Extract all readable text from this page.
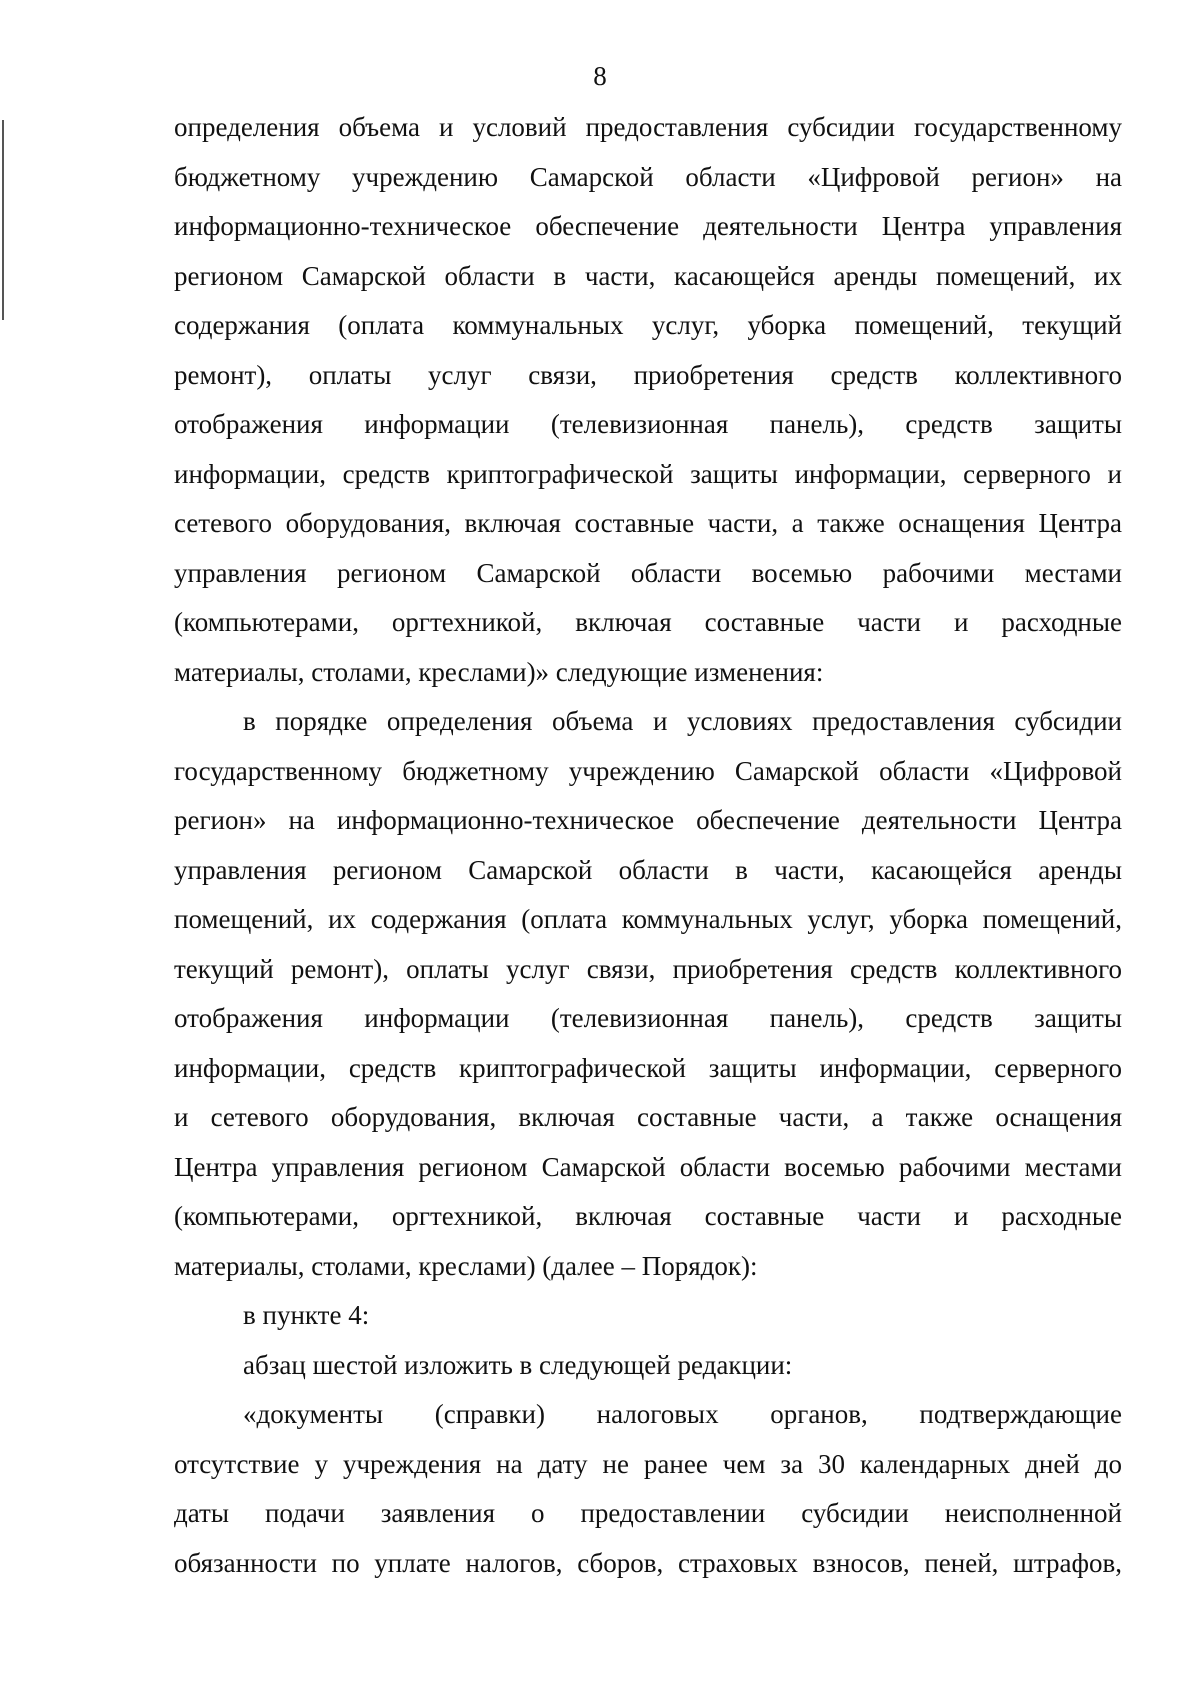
8
определения объема и условий предоставления субсидии государственному
бюджетному учреждению Самарской области «Цифровой регион» на
информационно-техническое обеспечение деятельности Центра управления
регионом Самарской области в части, касающейся аренды помещений, их
содержания (оплата коммунальных услуг, уборка помещений, текущий
ремонт), оплаты услуг связи, приобретения средств коллективного
отображения информации (телевизионная панель), средств защиты
информации, средств криптографической защиты информации, серверного и
сетевого оборудования, включая составные части, а также оснащения Центра
управления регионом Самарской области восемью рабочими местами
(компьютерами, оргтехникой, включая составные части и расходные
материалы, столами, креслами)» следующие изменения:
в порядке определения объема и условиях предоставления субсидии
государственному бюджетному учреждению Самарской области «Цифровой
регион» на информационно-техническое обеспечение деятельности Центра
управления регионом Самарской области в части, касающейся аренды
помещений, их содержания (оплата коммунальных услуг, уборка помещений,
текущий ремонт), оплаты услуг связи, приобретения средств коллективного
отображения информации (телевизионная панель), средств защиты
информации, средств криптографической защиты информации, серверного
и сетевого оборудования, включая составные части, а также оснащения
Центра управления регионом Самарской области восемью рабочими местами
(компьютерами, оргтехникой, включая составные части и расходные
материалы, столами, креслами) (далее – Порядок):
в пункте 4:
абзац шестой изложить в следующей редакции:
«документы (справки) налоговых органов, подтверждающие
отсутствие у учреждения на дату не ранее чем за 30 календарных дней до
даты подачи заявления о предоставлении субсидии неисполненной
обязанности по уплате налогов, сборов, страховых взносов, пеней, штрафов,
